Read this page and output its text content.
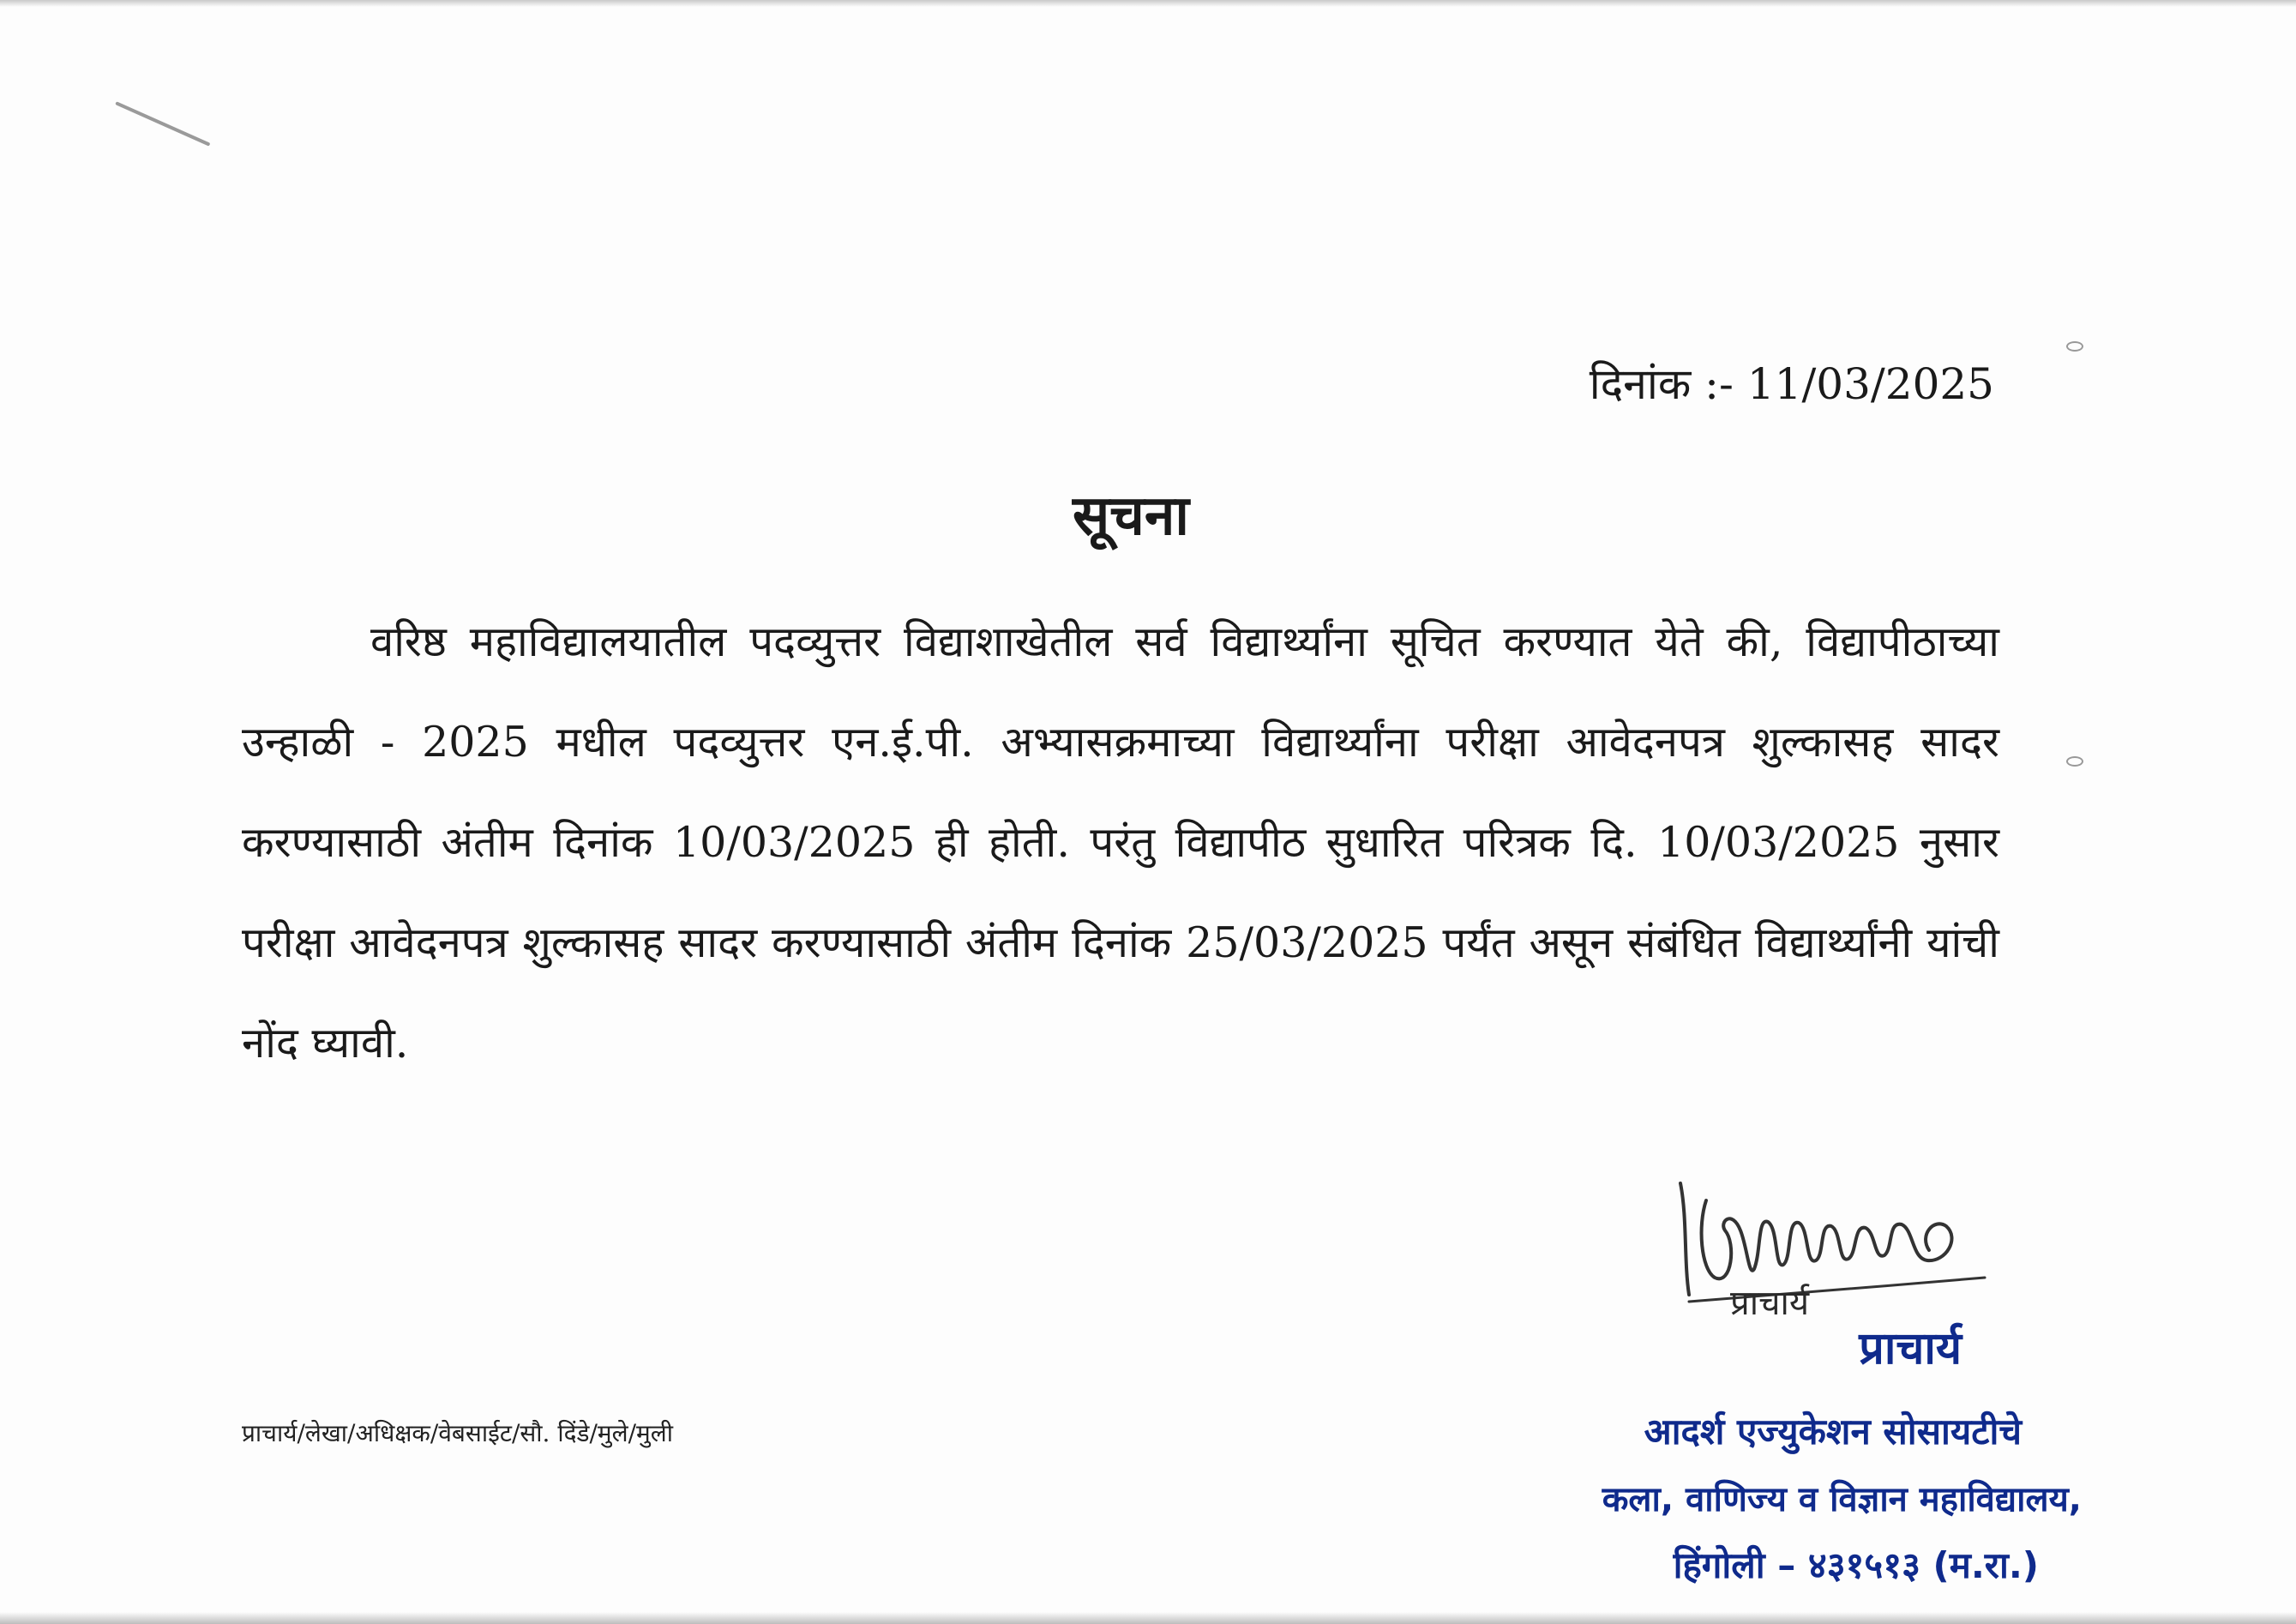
दिनांक :- 11/03/2025
सूचना

वरिष्ठ महाविद्यालयातील पदव्युत्तर विद्याशाखेतील सर्व विद्यार्थ्यांना सूचित करण्यात येते की, विद्यापीठाच्या उन्हाळी - 2025 मधील पदव्युत्तर एन.ई.पी. अभ्यासक्रमाच्या विद्यार्थ्यांना परीक्षा आवेदनपत्र शुल्कासह सादर करण्यासाठी अंतीम दिनांक 10/03/2025 ही होती. परंतु विद्यापीठ सुधारित परित्रक दि. 10/03/2025 नुसार परीक्षा आवेदनपत्र शुल्कासह सादर करण्यासाठी अंतीम दिनांक 25/03/2025 पर्यंत असून संबंधित विद्यार्थ्यांनी यांची नोंद घ्यावी.

प्राचार्य
प्राचार्य
आदर्श एज्युकेशन सोसायटीचे
कला, वाणिज्य व विज्ञान महाविद्यालय,
हिंगोली – ४३१५१३ (म.रा.)
प्राचार्य/लेखा/अधिक्षक/वेबसाईट/सौ. दिंडे/मुले/मुली
